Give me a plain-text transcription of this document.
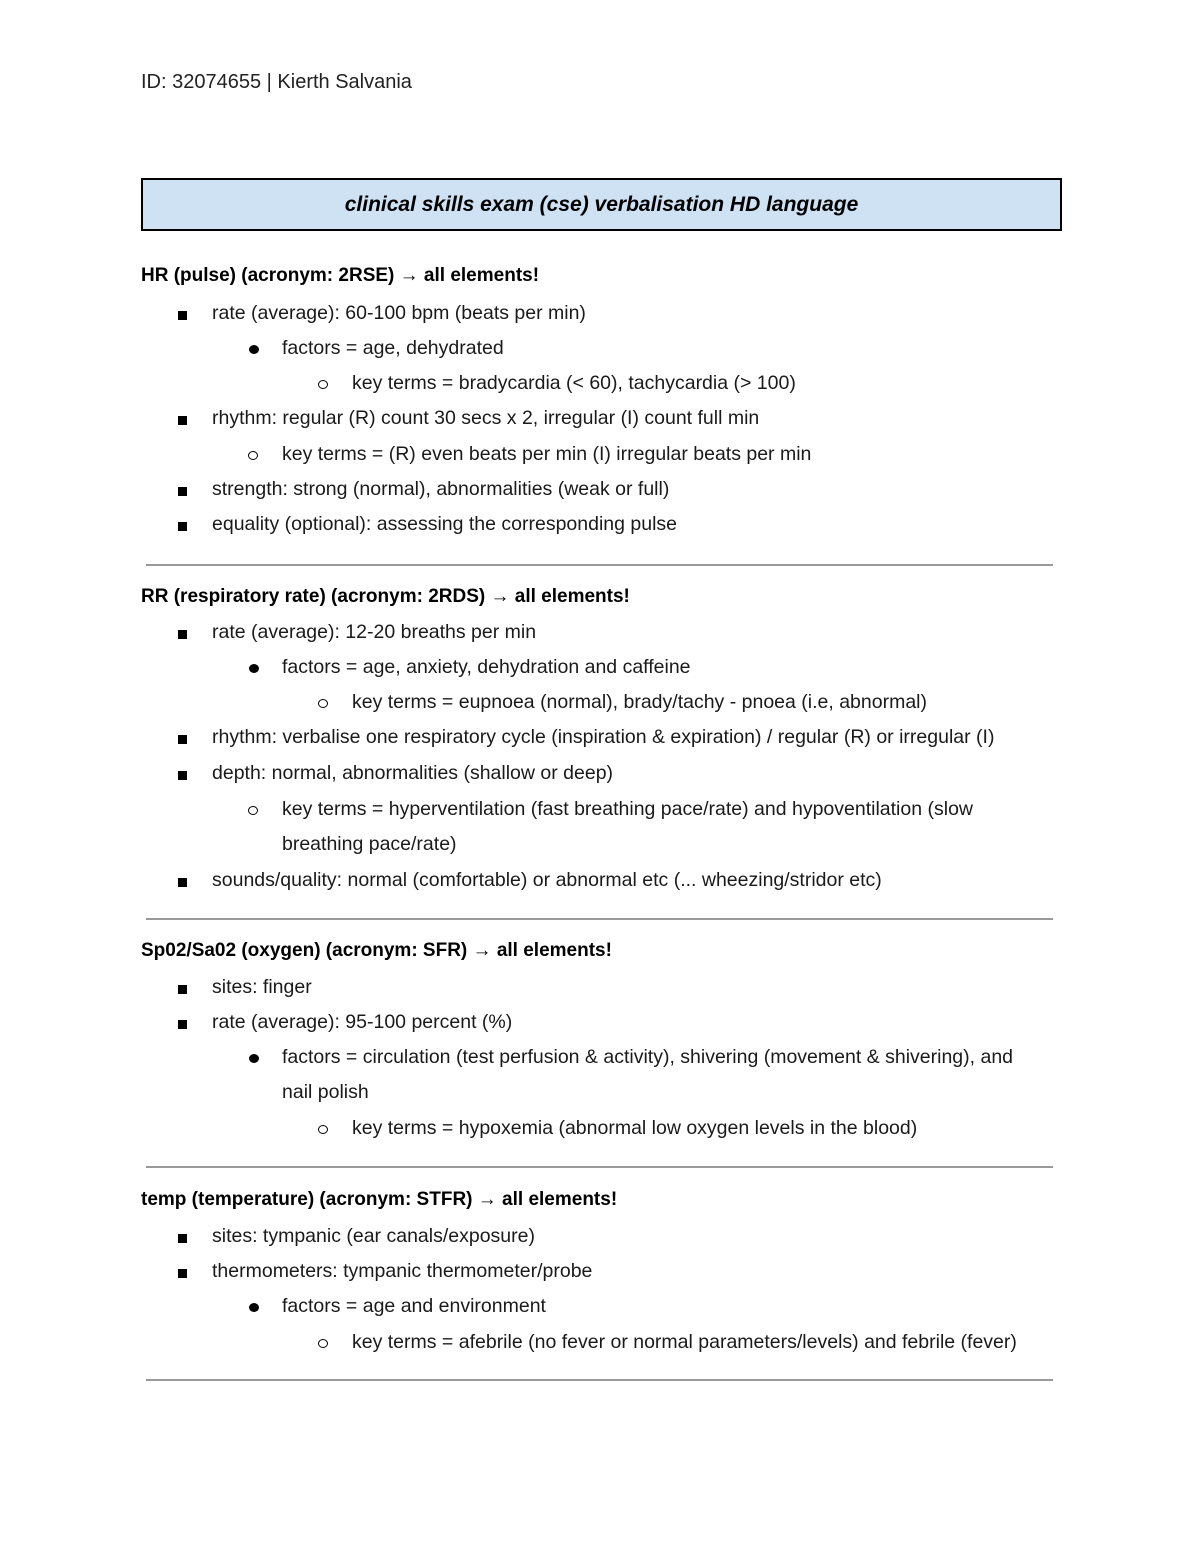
ID: 32074655 | Kierth Salvania
clinical skills exam (cse) verbalisation HD language
HR (pulse) (acronym: 2RSE) → all elements!
rate (average): 60-100 bpm (beats per min)
factors = age, dehydrated
key terms = bradycardia (< 60), tachycardia (> 100)
rhythm: regular (R) count 30 secs x 2, irregular (I) count full min
key terms = (R) even beats per min (I) irregular beats per min
strength: strong (normal), abnormalities (weak or full)
equality (optional): assessing the corresponding pulse
RR (respiratory rate) (acronym: 2RDS) → all elements!
rate (average): 12-20 breaths per min
factors = age, anxiety, dehydration and caffeine
key terms = eupnoea (normal), brady/tachy - pnoea (i.e, abnormal)
rhythm: verbalise one respiratory cycle (inspiration & expiration) / regular (R) or irregular (I)
depth: normal, abnormalities (shallow or deep)
key terms = hyperventilation (fast breathing pace/rate) and hypoventilation (slow
breathing pace/rate)
sounds/quality: normal (comfortable) or abnormal etc (... wheezing/stridor etc)
Sp02/Sa02 (oxygen) (acronym: SFR) → all elements!
sites: finger
rate (average): 95-100 percent (%)
factors = circulation (test perfusion & activity), shivering (movement & shivering), and
nail polish
key terms = hypoxemia (abnormal low oxygen levels in the blood)
temp (temperature) (acronym: STFR) → all elements!
sites: tympanic (ear canals/exposure)
thermometers: tympanic thermometer/probe
factors = age and environment
key terms = afebrile (no fever or normal parameters/levels) and febrile (fever)
